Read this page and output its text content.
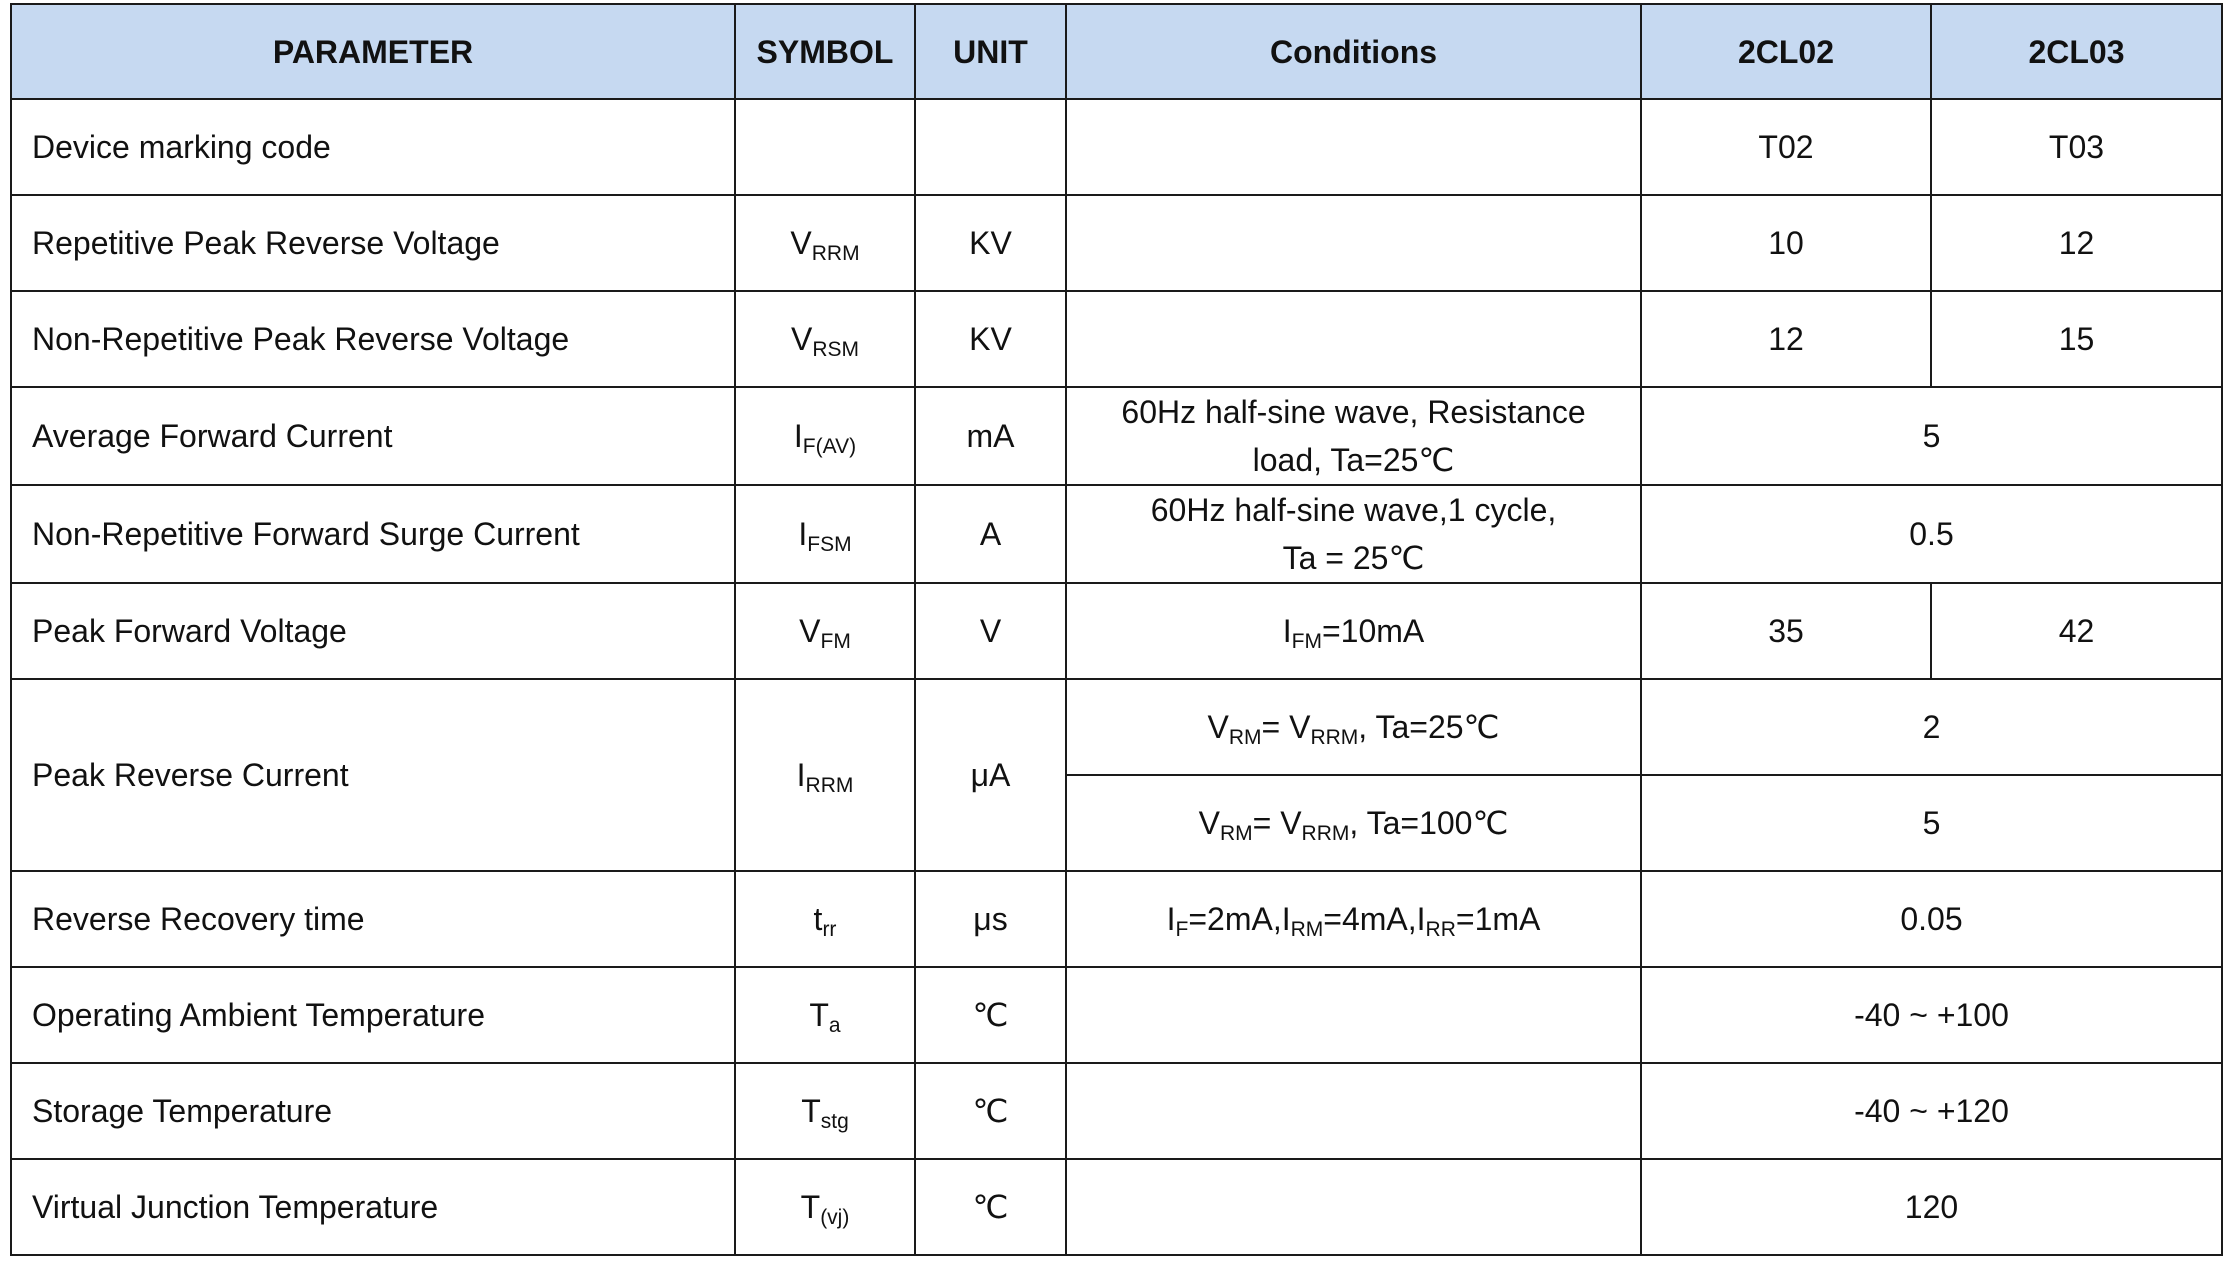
PARAMETER	SYMBOL	UNIT	Conditions	2CL02	2CL03
Device marking code				T02	T03
Repetitive Peak Reverse Voltage	$V_{RRM}$	KV		10	12
Non-Repetitive Peak Reverse Voltage	$V_{RSM}$	KV		12	15
Average Forward Current	$I_{F(AV)}$	mA	60Hz half-sine wave, Resistance
load, Ta=25℃	5	
Non-Repetitive Forward Surge Current	$I_{FSM}$	A	60Hz half-sine wave,1 cycle,
Ta = 25℃	0.5	
Peak Forward Voltage	$V_{FM}$	V	$I_{FM}=10mA$	35	42
Peak Reverse Current	$I_{RRM}$	μA	$V_{RM}= V_{RRM}$, Ta=25℃	2	
			$V_{RM}= V_{RRM}$, Ta=100℃	5	
Reverse Recovery time	$t_{rr}$	μs	$I_F=2mA,I_{RM}=4mA,I_{RR}=1mA$	0.05	
Operating Ambient Temperature	$T_a$	℃		-40 ~ +100	
Storage Temperature	$T_{stg}$	℃		-40 ~ +120	
Virtual Junction Temperature	$T_{(vj)}$	℃		120	
